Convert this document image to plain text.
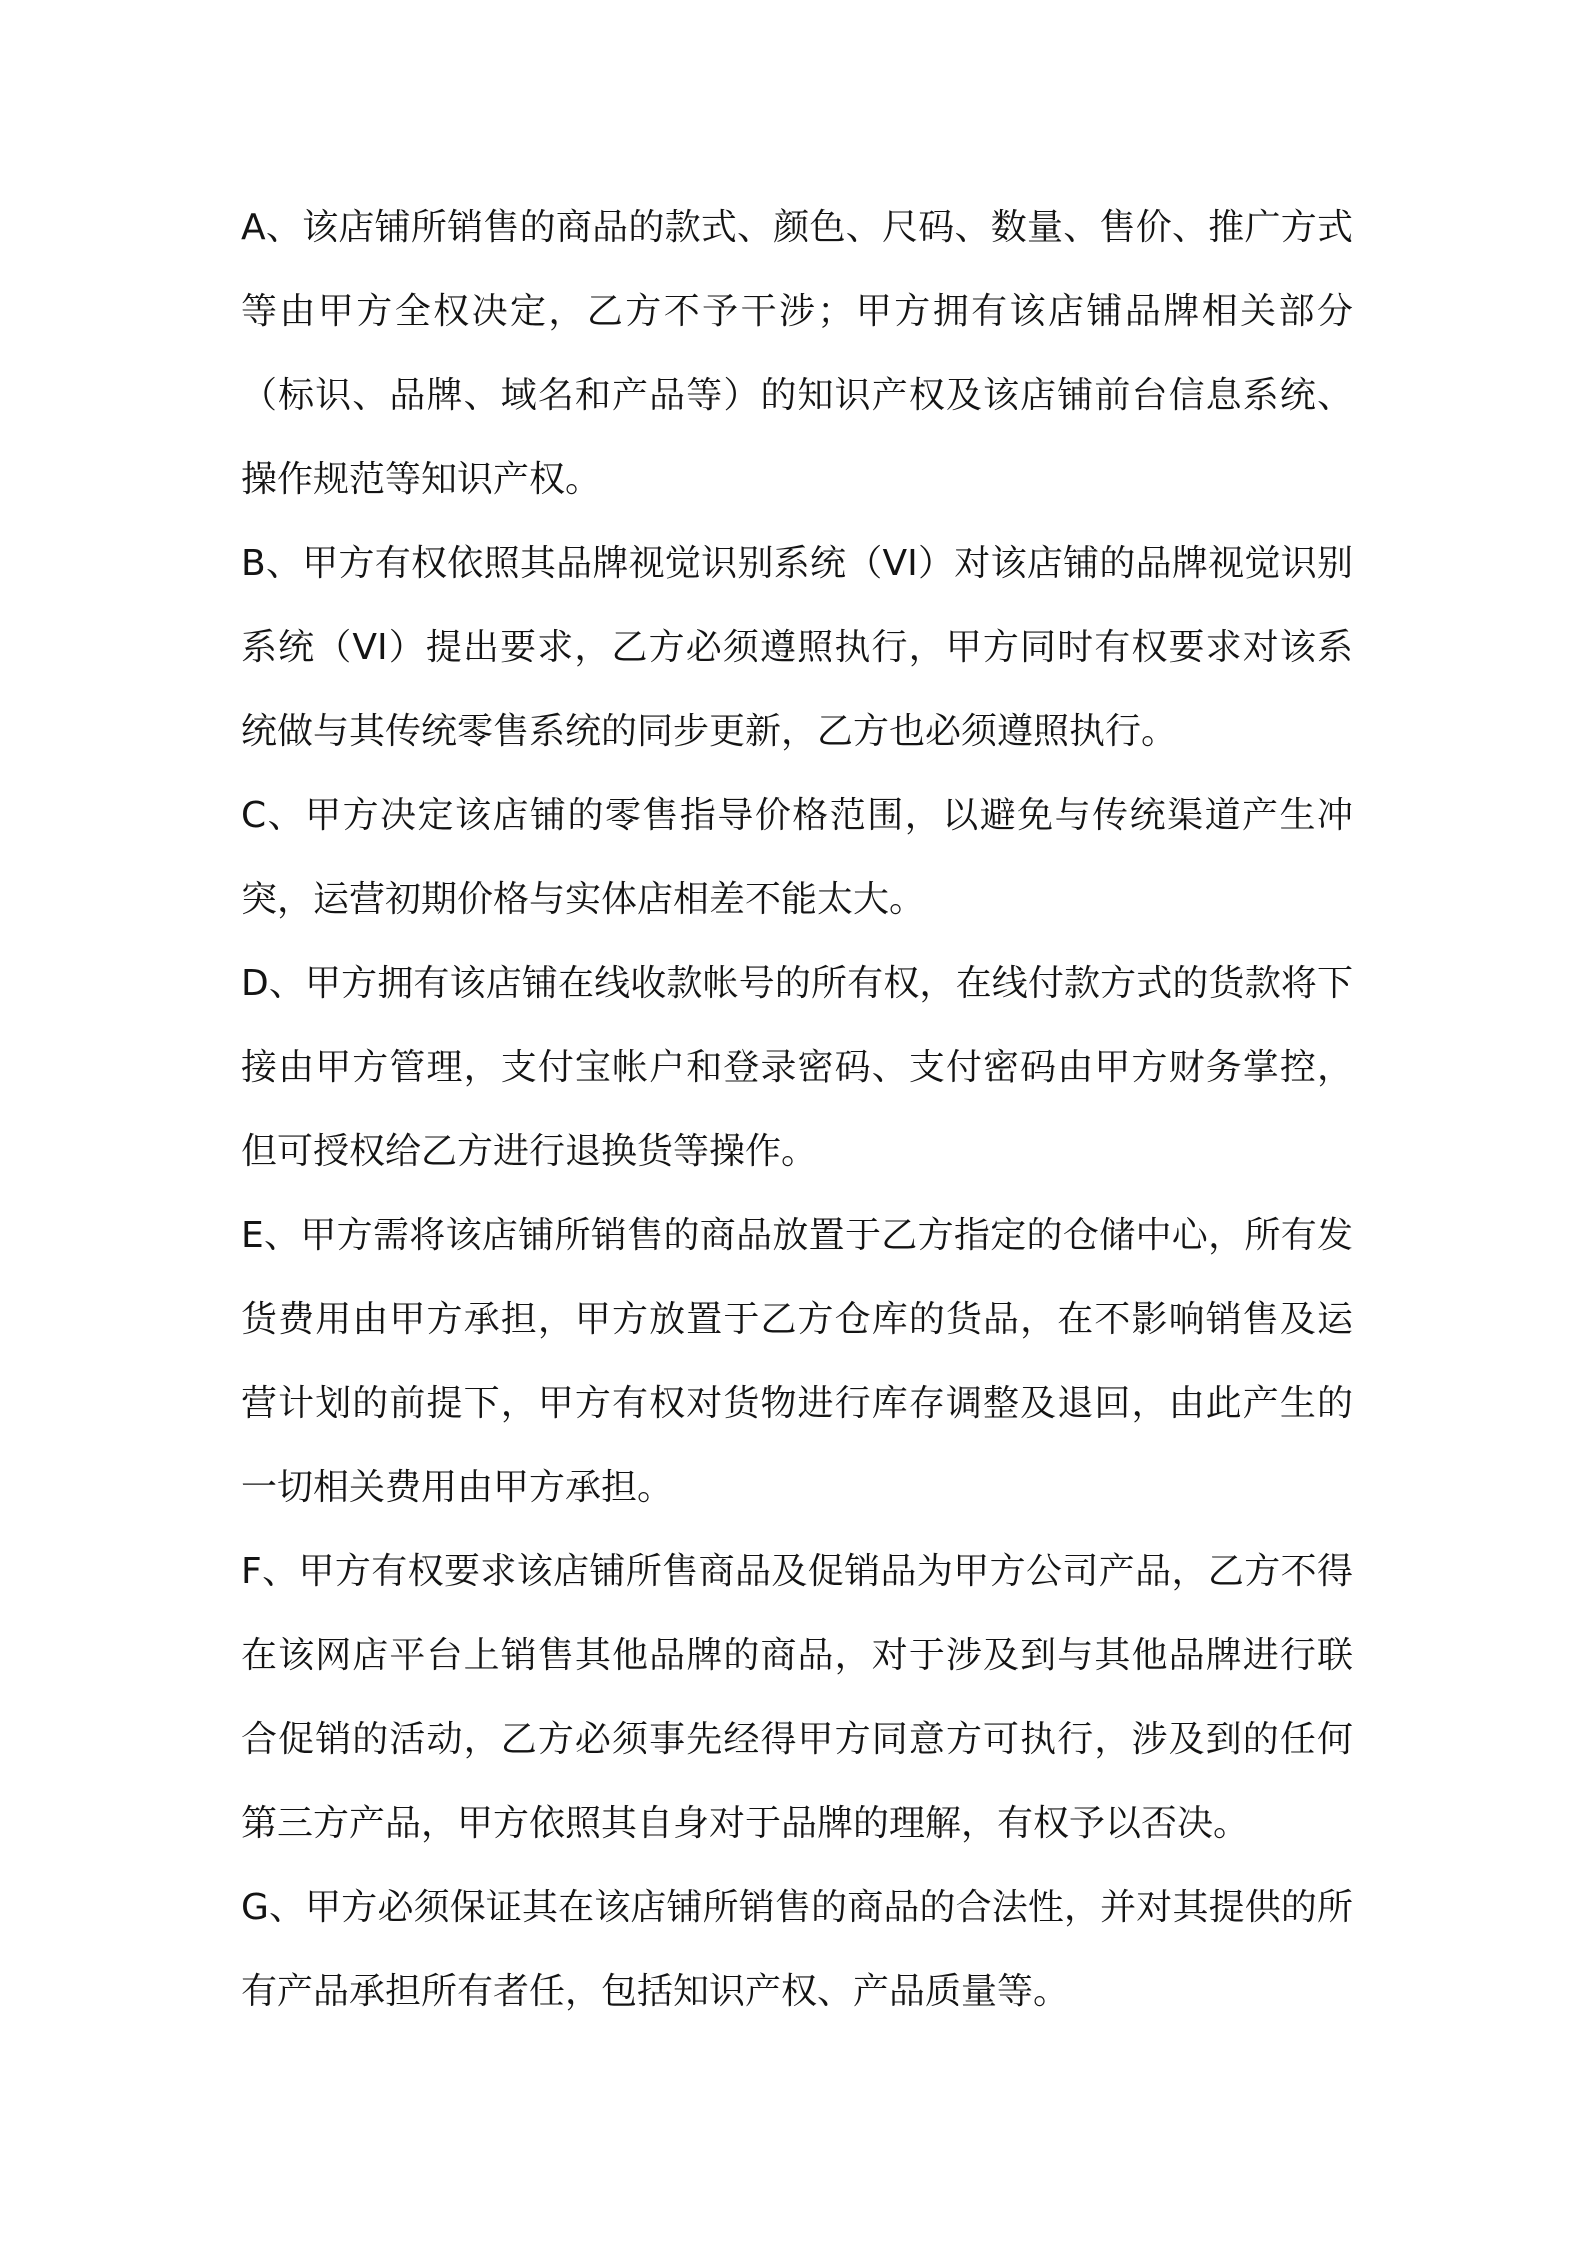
A、该店铺所销售的商品的款式、颜色、尺码、数量、售价、推广方式等由甲方全权决定，乙方不予干涉；甲方拥有该店铺品牌相关部分（标识、品牌、域名和产品等）的知识产权及该店铺前台信息系统、操作规范等知识产权。

B、甲方有权依照其品牌视觉识别系统（VI）对该店铺的品牌视觉识别系统（VI）提出要求，乙方必须遵照执行，甲方同时有权要求对该系统做与其传统零售系统的同步更新，乙方也必须遵照执行。

C、甲方决定该店铺的零售指导价格范围，以避免与传统渠道产生冲突，运营初期价格与实体店相差不能太大。

D、甲方拥有该店铺在线收款帐号的所有权，在线付款方式的货款将下接由甲方管理，支付宝帐户和登录密码、支付密码由甲方财务掌控，但可授权给乙方进行退换货等操作。

E、甲方需将该店铺所销售的商品放置于乙方指定的仓储中心，所有发货费用由甲方承担，甲方放置于乙方仓库的货品，在不影响销售及运营计划的前提下，甲方有权对货物进行库存调整及退回，由此产生的一切相关费用由甲方承担。

F、甲方有权要求该店铺所售商品及促销品为甲方公司产品，乙方不得在该网店平台上销售其他品牌的商品，对于涉及到与其他品牌进行联合促销的活动，乙方必须事先经得甲方同意方可执行，涉及到的任何第三方产品，甲方依照其自身对于品牌的理解，有权予以否决。

G、甲方必须保证其在该店铺所销售的商品的合法性，并对其提供的所有产品承担所有者任，包括知识产权、产品质量等。
